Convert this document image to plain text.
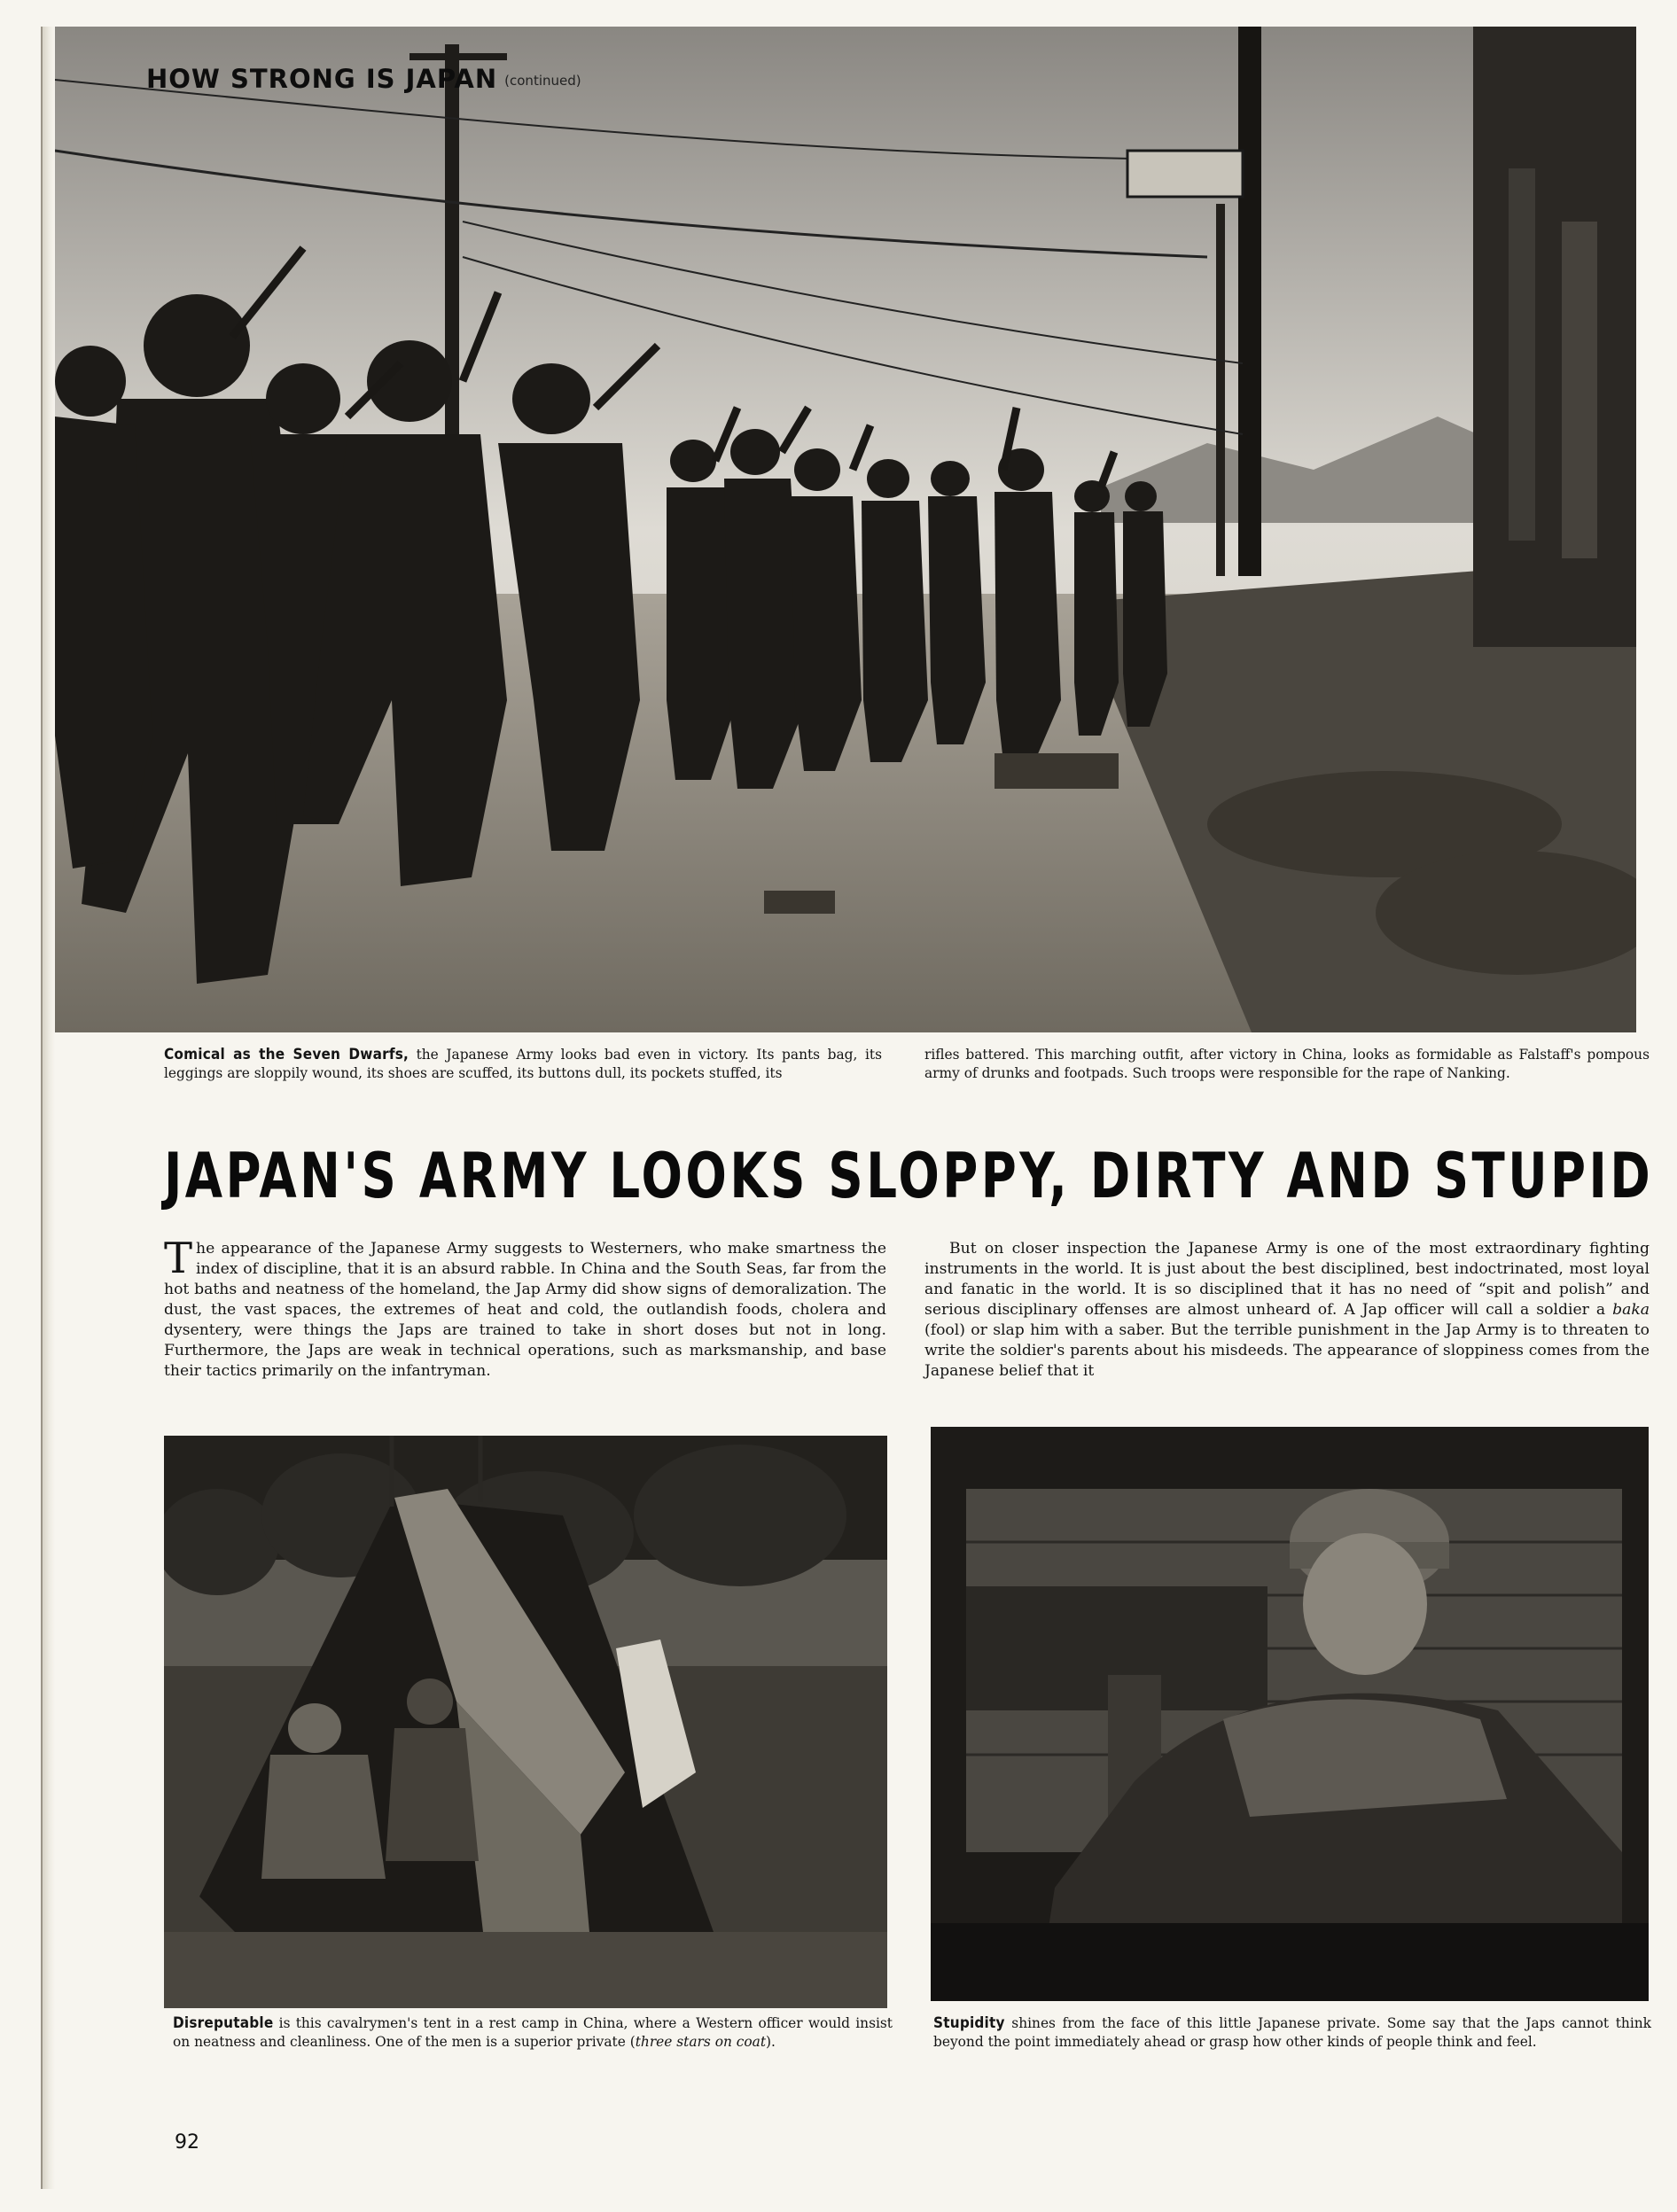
HOW STRONG IS JAPAN (continued)
Comical as the Seven Dwarfs, the Japanese Army looks bad even in victory. Its pants bag, its leggings are sloppily wound, its shoes are scuffed, its buttons dull, its pockets stuffed, its
rifles battered. This marching outfit, after victory in China, looks as formidable as Falstaff's pompous army of drunks and footpads. Such troops were responsible for the rape of Nanking.
JAPAN'S ARMY LOOKS SLOPPY, DIRTY AND STUPID
The appearance of the Japanese Army suggests to Westerners, who make smartness the index of discipline, that it is an absurd rabble. In China and the South Seas, far from the hot baths and neatness of the homeland, the Jap Army did show signs of demoralization. The dust, the vast spaces, the extremes of heat and cold, the outlandish foods, cholera and dysentery, were things the Japs are trained to take in short doses but not in long. Furthermore, the Japs are weak in technical operations, such as marksmanship, and base their tactics primarily on the infantryman.
But on closer inspection the Japanese Army is one of the most extraordinary fighting instruments in the world. It is just about the best disciplined, best indoctrinated, most loyal and fanatic in the world. It is so disciplined that it has no need of “spit and polish” and serious disciplinary offenses are almost unheard of. A Jap officer will call a soldier a baka (fool) or slap him with a saber. But the terrible punishment in the Jap Army is to threaten to write the soldier's parents about his misdeeds. The appearance of sloppiness comes from the Japanese belief that it
Disreputable is this cavalrymen's tent in a rest camp in China, where a Western officer would insist on neatness and cleanliness. One of the men is a superior private (three stars on coat).
Stupidity shines from the face of this little Japanese private. Some say that the Japs cannot think beyond the point immediately ahead or grasp how other kinds of people think and feel.
92
